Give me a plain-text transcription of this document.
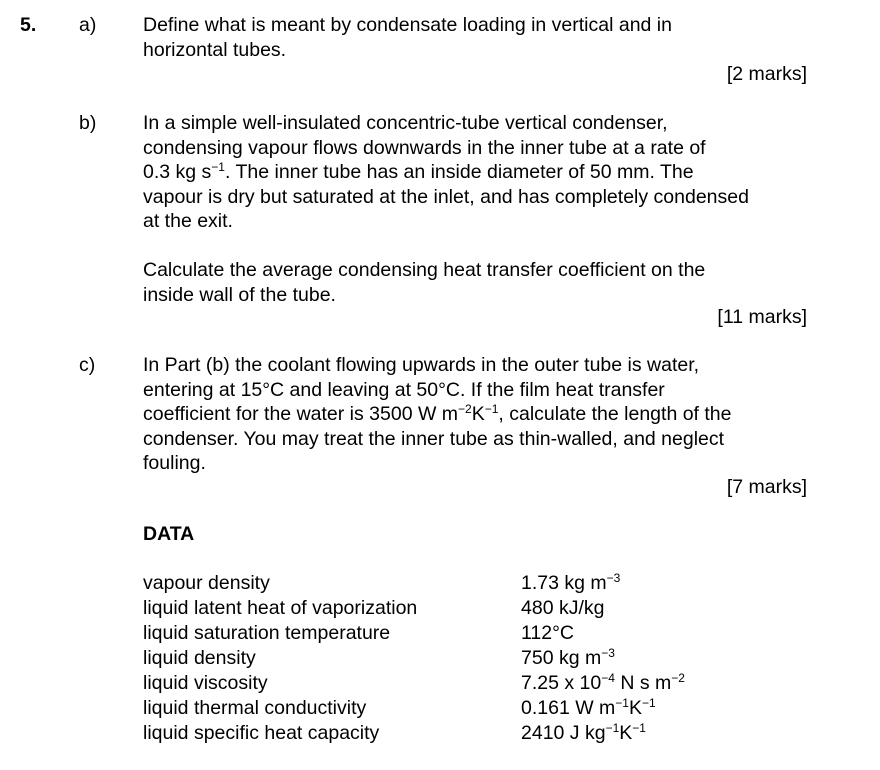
5. a) Define what is meant by condensate loading in vertical and in
horizontal tubes.
[2 marks]
b) In a simple well-insulated concentric-tube vertical condenser,
condensing vapour flows downwards in the inner tube at a rate of
0.3 kg $s^{-1}$. The inner tube has an inside diameter of 50 mm. The
vapour is dry but saturated at the inlet, and has completely condensed
at the exit.
Calculate the average condensing heat transfer coefficient on the
inside wall of the tube.
[11 marks]
c) In Part (b) the coolant flowing upwards in the outer tube is water,
entering at 15°C and leaving at 50°C. If the film heat transfer
coefficient for the water is 3500 W $m^{-2}K^{-1}$, calculate the length of the
condenser. You may treat the inner tube as thin-walled, and neglect
fouling.
[7 marks]
DATA
vapour density	1.73 kg $m^{-3}$
liquid latent heat of vaporization	480 kJ/kg
liquid saturation temperature	112°C
liquid density	750 kg $m^{-3}$
liquid viscosity	7.25 x $10^{-4}$ N s $m^{-2}$
liquid thermal conductivity	0.161 W $m^{-1}K^{-1}$
liquid specific heat capacity	2410 J $kg^{-1}K^{-1}$
